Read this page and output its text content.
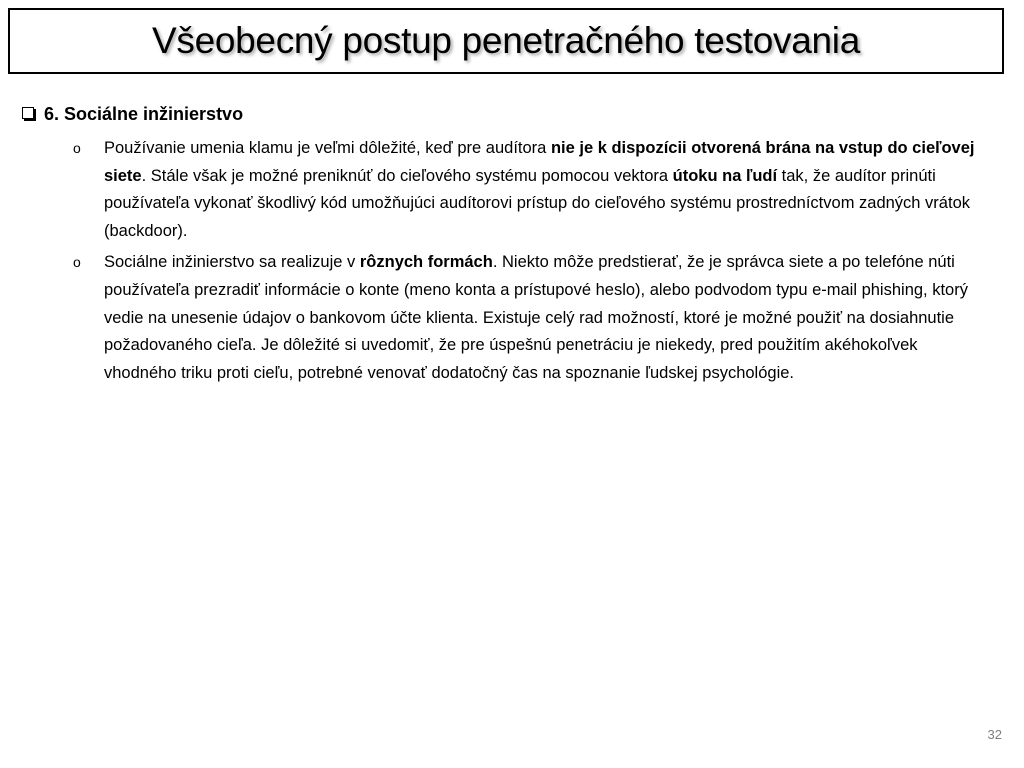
Všeobecný postup penetračného testovania
6. Sociálne inžinierstvo
o Používanie umenia klamu je veľmi dôležité, keď pre audítora nie je k dispozícii otvorená brána na vstup do cieľovej siete. Stále však je možné preniknúť do cieľového systému pomocou vektora útoku na ľudí tak, že audítor prinúti používateľa vykonať škodlivý kód umožňujúci audítorovi prístup do cieľového systému prostredníctvom zadných vrátok (backdoor).
o Sociálne inžinierstvo sa realizuje v rôznych formách. Niekto môže predstierať, že je správca siete a po telefóne núti používateľa prezradiť informácie o konte (meno konta a prístupové heslo), alebo podvodom typu e-mail phishing, ktorý vedie na unesenie údajov o bankovom účte klienta. Existuje celý rad možností, ktoré je možné použiť na dosiahnutie požadovaného cieľa. Je dôležité si uvedomiť, že pre úspešnú penetráciu je niekedy, pred použitím akéhokoľvek vhodného triku proti cieľu, potrebné venovať dodatočný čas na spoznanie ľudskej psychológie.
32
